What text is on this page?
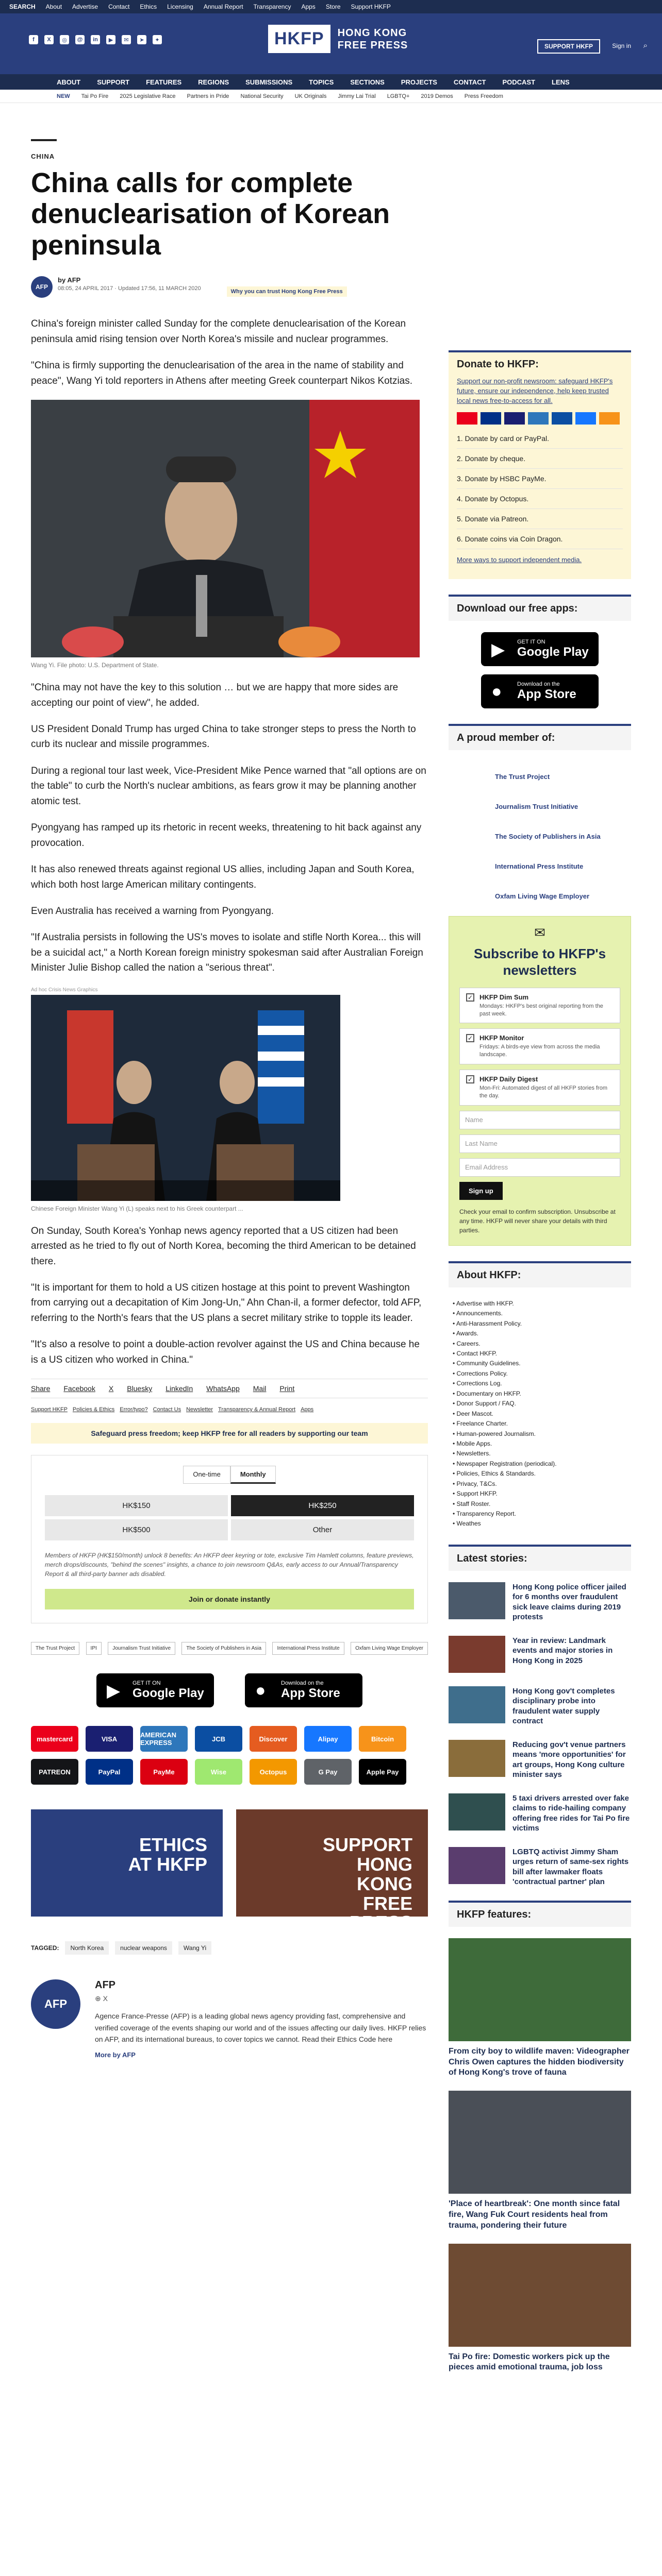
SEARCH About Advertise Contact Ethics Licensing Annual Report Transparency Apps Store Support HKFP
f	X	◎	@	in	▶	✉	➤	✦	HKFP	HONG KONG
FREE PRESS	SUPPORT HKFP	Sign in ⌕
ABOUT SUPPORT FEATURES REGIONS SUBMISSIONS TOPICS SECTIONS PROJECTS CONTACT PODCAST LENS
NEW Tai Po Fire 2025 Legislative Race Partners in Pride National Security UK Originals Jimmy Lai Trial LGBTQ+ 2019 Demos Press Freedom
CHINA
China calls for complete denuclearisation of Korean peninsula
AFP
by AFP
08:05, 24 APRIL 2017 · Updated 17:56, 11 MARCH 2020	Why you can trust Hong Kong Free Press

China's foreign minister called Sunday for the complete denuclearisation of the Korean peninsula amid rising tension over North Korea's missile and nuclear programmes.

"China is firmly supporting the denuclearisation of the area in the name of stability and peace", Wang Yi told reporters in Athens after meeting Greek counterpart Nikos Kotzias.

Wang Yi. File photo: U.S. Department of State.

"China may not have the key to this solution … but we are happy that more sides are accepting our point of view", he added.

US President Donald Trump has urged China to take stronger steps to press the North to curb its nuclear and missile programmes.

During a regional tour last week, Vice-President Mike Pence warned that "all options are on the table" to curb the North's nuclear ambitions, as fears grow it may be planning another atomic test.

Pyongyang has ramped up its rhetoric in recent weeks, threatening to hit back against any provocation.

It has also renewed threats against regional US allies, including Japan and South Korea, which both host large American military contingents.

Even Australia has received a warning from Pyongyang.

"If Australia persists in following the US's moves to isolate and stifle North Korea... this will be a suicidal act," a North Korean foreign ministry spokesman said after Australian Foreign Minister Julie Bishop called the nation a "serious threat".

Ad hoc Crisis News Graphics
Chinese Foreign Minister Wang Yi (L) speaks next to his Greek counterpart ...

On Sunday, South Korea's Yonhap news agency reported that a US citizen had been arrested as he tried to fly out of North Korea, becoming the third American to be detained there.

"It is important for them to hold a US citizen hostage at this point to prevent Washington from carrying out a decapitation of Kim Jong-Un," Ahn Chan-il, a former defector, told AFP, referring to the North's fears that the US plans a secret military strike to topple its leader.

"It's also a resolve to point a double-action revolver against the US and China because he is a US citizen who worked in China."

Share Facebook X Bluesky LinkedIn WhatsApp Mail Print
Support HKFP Policies & Ethics Error/typo? Contact Us Newsletter Transparency & Annual Report Apps
Safeguard press freedom; keep HKFP free for all readers by supporting our team
One-time	Monthly
HK$150	HK$250
HK$500	Other
Members of HKFP (HK$150/month) unlock 8 benefits: An HKFP deer keyring or tote, exclusive Tim Hamlett columns, feature previews, merch drops/discounts, "behind the scenes" insights, a chance to join newsroom Q&As, early access to our Annual/Transparency Report & all third-party banner ads disabled.
Join or donate instantly
The Trust Project	IPI	Journalism Trust Initiative	The Society of Publishers in Asia	International Press Institute	Oxfam Living Wage Employer
▶ GET IT ON
Google Play	●	Download on the
App Store
mastercard	VISA	AMERICAN EXPRESS	JCB	Discover	Alipay	Bitcoin
PATREON	PayPal	PayMe	Wise	Octopus	G Pay	Apple Pay
ETHICS
AT HKFP
SUPPORT
HONG
KONG
FREE
PRESS
TAGGED:	North Korea	nuclear weapons	Wang Yi
AFP
AFP
⊕ X
Agence France-Presse (AFP) is a leading global news agency providing fast, comprehensive and verified coverage of the events shaping our world and of the issues affecting our daily lives. HKFP relies on AFP, and its international bureaus, to cover topics we cannot. Read their Ethics Code here
More by AFP
Donate to HKFP:
Support our non-profit newsroom: safeguard HKFP's future, ensure our independence, help keep trusted local news free-to-access for all.
1. Donate by card or PayPal.
2. Donate by cheque.
3. Donate by HSBC PayMe.
4. Donate by Octopus.
5. Donate via Patreon.
6. Donate coins via Coin Dragon.
More ways to support independent media.
Download our free apps:
▶ GET IT ON
Google Play
●	Download on the
App Store
A proud member of:
The Trust Project
Journalism Trust Initiative
The Society of Publishers in Asia
International Press Institute
Oxfam Living Wage Employer
✉
Subscribe to HKFP's newsletters
✓ HKFP Dim Sum
Mondays: HKFP's best original reporting from the past week.
✓ HKFP Monitor
Fridays: A birds-eye view from across the media landscape.
✓ HKFP Daily Digest
Mon-Fri: Automated digest of all HKFP stories from the day.
Name
Last Name
Email Address
Sign up
Check your email to confirm subscription. Unsubscribe at any time. HKFP will never share your details with third parties.
About HKFP:
• Advertise with HKFP.
• Announcements.
• Anti-Harassment Policy.
• Awards.
• Careers.
• Contact HKFP.
• Community Guidelines.
• Corrections Policy.
• Corrections Log.
• Documentary on HKFP.
• Donor Support / FAQ.
• Deer Mascot.
• Freelance Charter.
• Human-powered Journalism.
• Mobile Apps.
• Newsletters.
• Newspaper Registration (periodical).
• Policies, Ethics & Standards.
• Privacy, T&Cs.
• Support HKFP.
• Staff Roster.
• Transparency Report.
• Weathes
Latest stories:
Hong Kong police officer jailed for 6 months over fraudulent sick leave claims during 2019 protests
Year in review: Landmark events and major stories in Hong Kong in 2025
Hong Kong gov't completes disciplinary probe into fraudulent water supply contract
Reducing gov't venue partners means 'more opportunities' for art groups, Hong Kong culture minister says
5 taxi drivers arrested over fake claims to ride-hailing company offering free rides for Tai Po fire victims
LGBTQ activist Jimmy Sham urges return of same-sex rights bill after lawmaker floats 'contractual partner' plan
HKFP features:
From city boy to wildlife maven: Videographer Chris Owen captures the hidden biodiversity of Hong Kong's trove of fauna
'Place of heartbreak': One month since fatal fire, Wang Fuk Court residents heal from trauma, pondering their future
Tai Po fire: Domestic workers pick up the pieces amid emotional trauma, job loss
